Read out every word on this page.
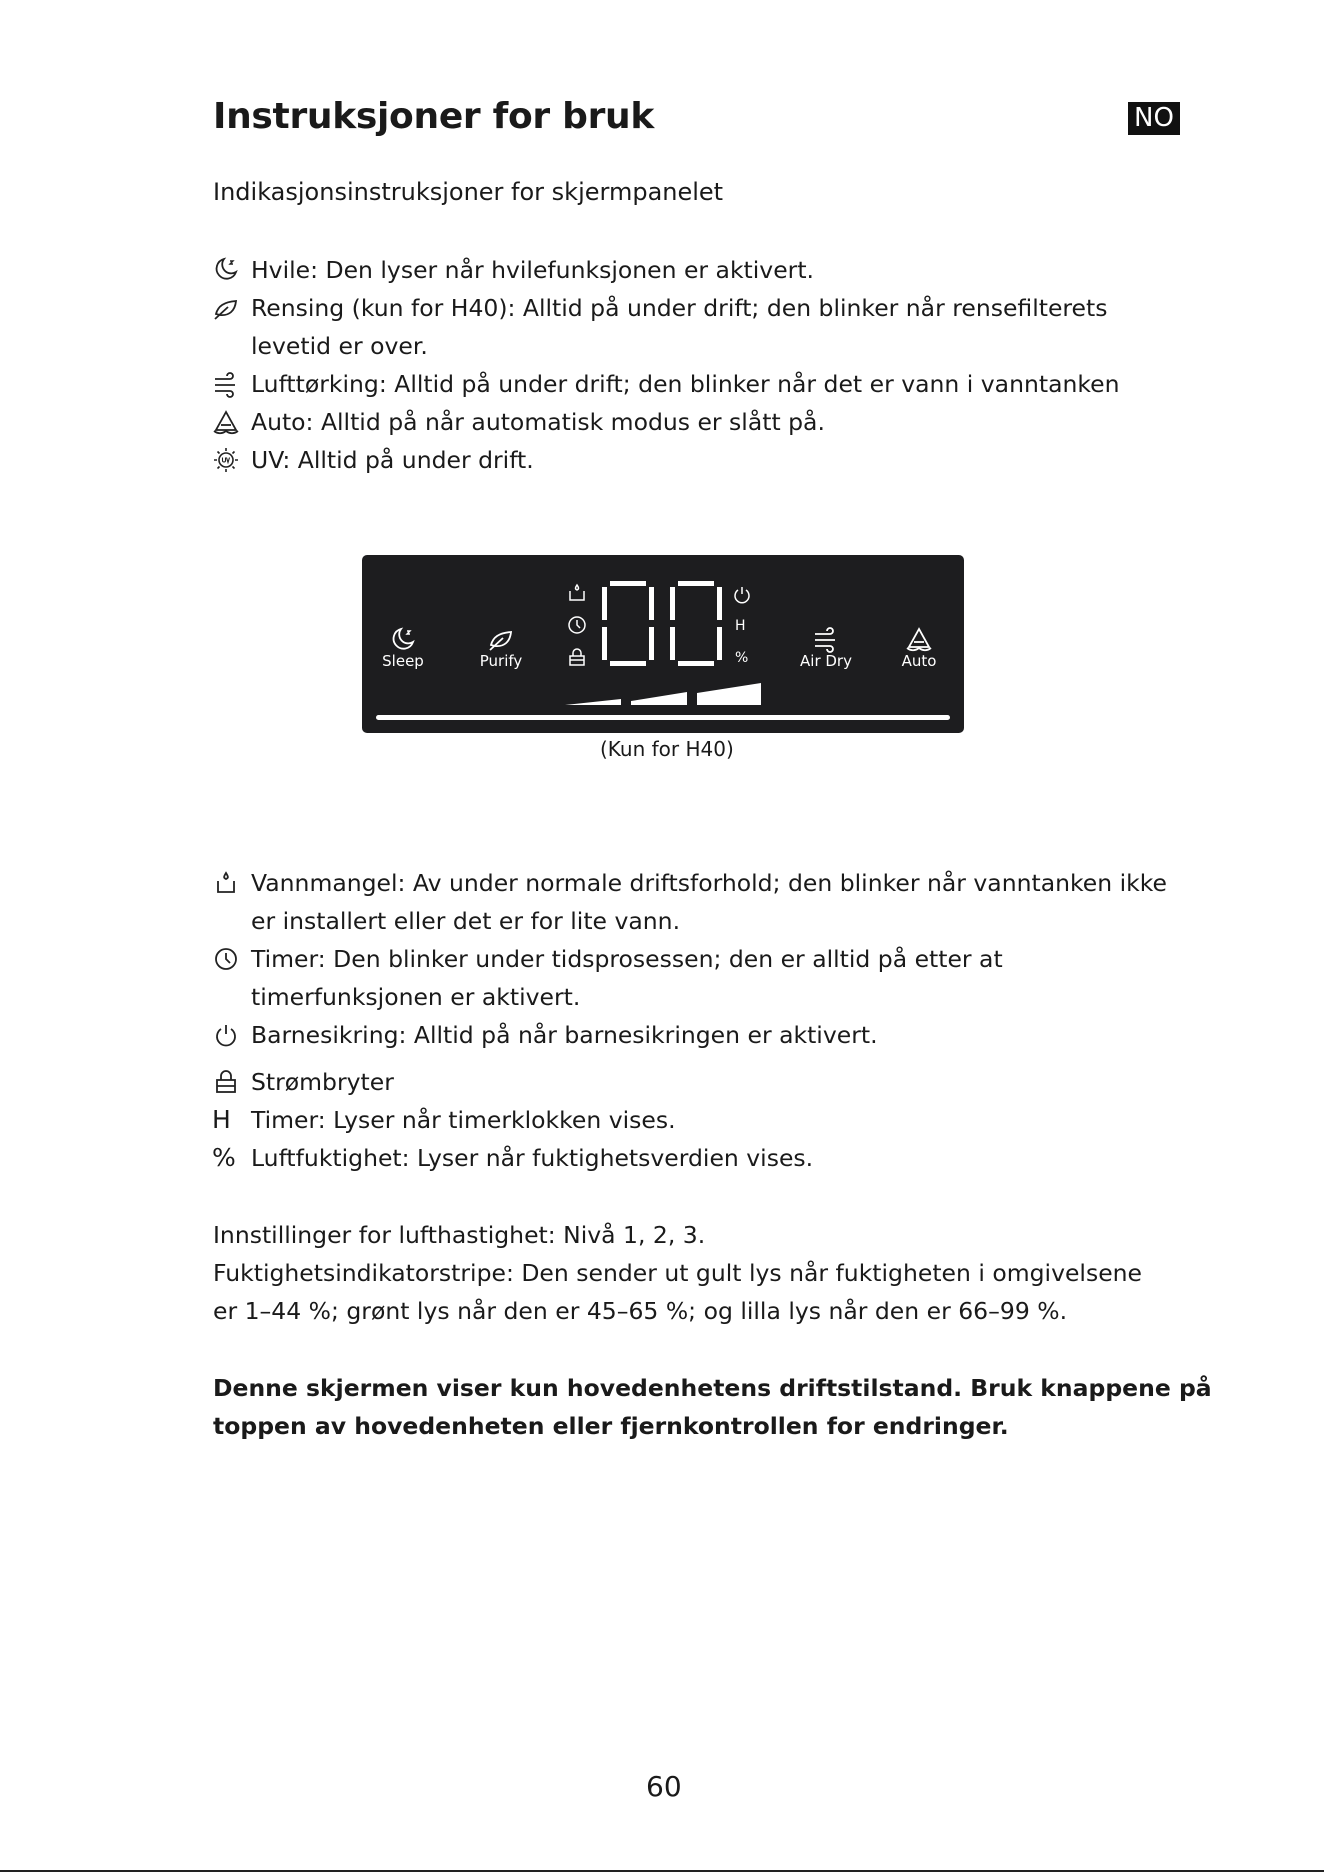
Instruksjoner for bruk	NO
Indikasjonsinstruksjoner for skjermpanelet
Hvile: Den lyser når hvilefunksjonen er aktivert.
Rensing (kun for H40): Alltid på under drift; den blinker når rensefilterets
levetid er over.
Lufttørking: Alltid på under drift; den blinker når det er vann i vanntanken
Auto: Alltid på når automatisk modus er slått på.
UV: Alltid på under drift.
Sleep	Purify
H
%	Air Dry	Auto
(Kun for H40)
Vannmangel: Av under normale driftsforhold; den blinker når vanntanken ikke
er installert eller det er for lite vann.
Timer: Den blinker under tidsprosessen; den er alltid på etter at
timerfunksjonen er aktivert.
Barnesikring: Alltid på når barnesikringen er aktivert.
Strømbryter
H Timer: Lyser når timerklokken vises.
% Luftfuktighet: Lyser når fuktighetsverdien vises.
Innstillinger for lufthastighet: Nivå 1, 2, 3.
Fuktighetsindikatorstripe: Den sender ut gult lys når fuktigheten i omgivelsene
er 1–44 %; grønt lys når den er 45–65 %; og lilla lys når den er 66–99 %.
Denne skjermen viser kun hovedenhetens driftstilstand. Bruk knappene på
toppen av hovedenheten eller fjernkontrollen for endringer.
60
